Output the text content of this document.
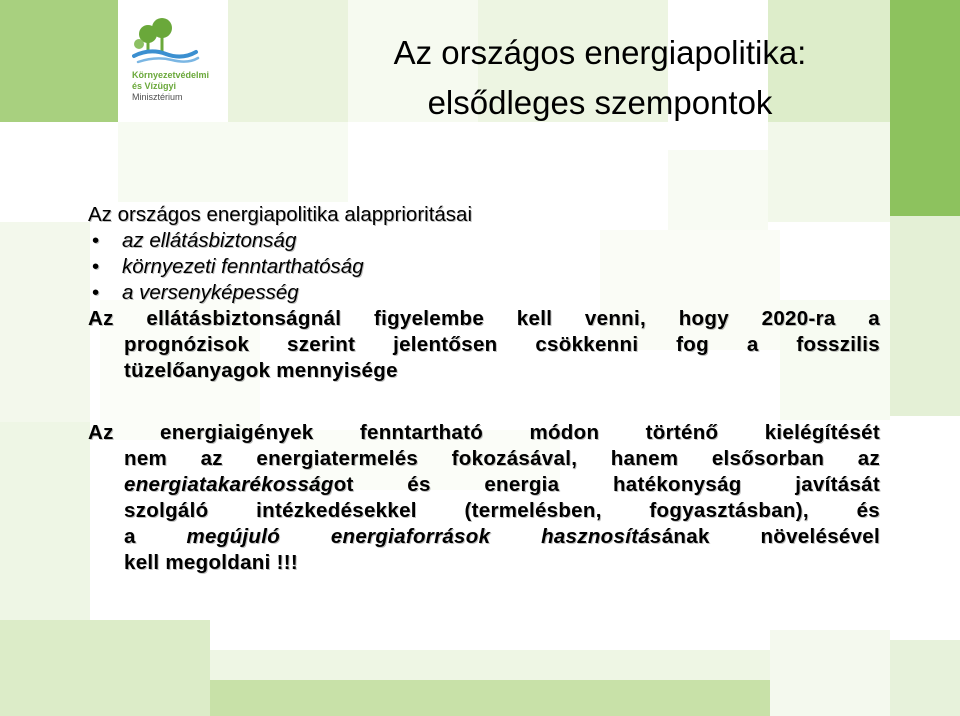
Környezetvédelmi
és Vízügyi
Minisztérium
Az országos energiapolitika:
elsődleges szempontok
Az országos energiapolitika alapprioritásai
• az ellátásbiztonság
• környezeti fenntarthatóság
• a versenyképesség
Az ellátásbiztonságnál figyelembe kell venni, hogy 2020-ra a
prognózisok szerint jelentősen csökkenni fog a fosszilis
tüzelőanyagok mennyisége
Az energiaigények fenntartható módon történő kielégítését
nem az energiatermelés fokozásával, hanem elsősorban az
energiatakarékosságot és energia hatékonyság javítását
szolgáló intézkedésekkel (termelésben, fogyasztásban), és
a megújuló energiaforrások hasznosításának növelésével
kell megoldani !!!
